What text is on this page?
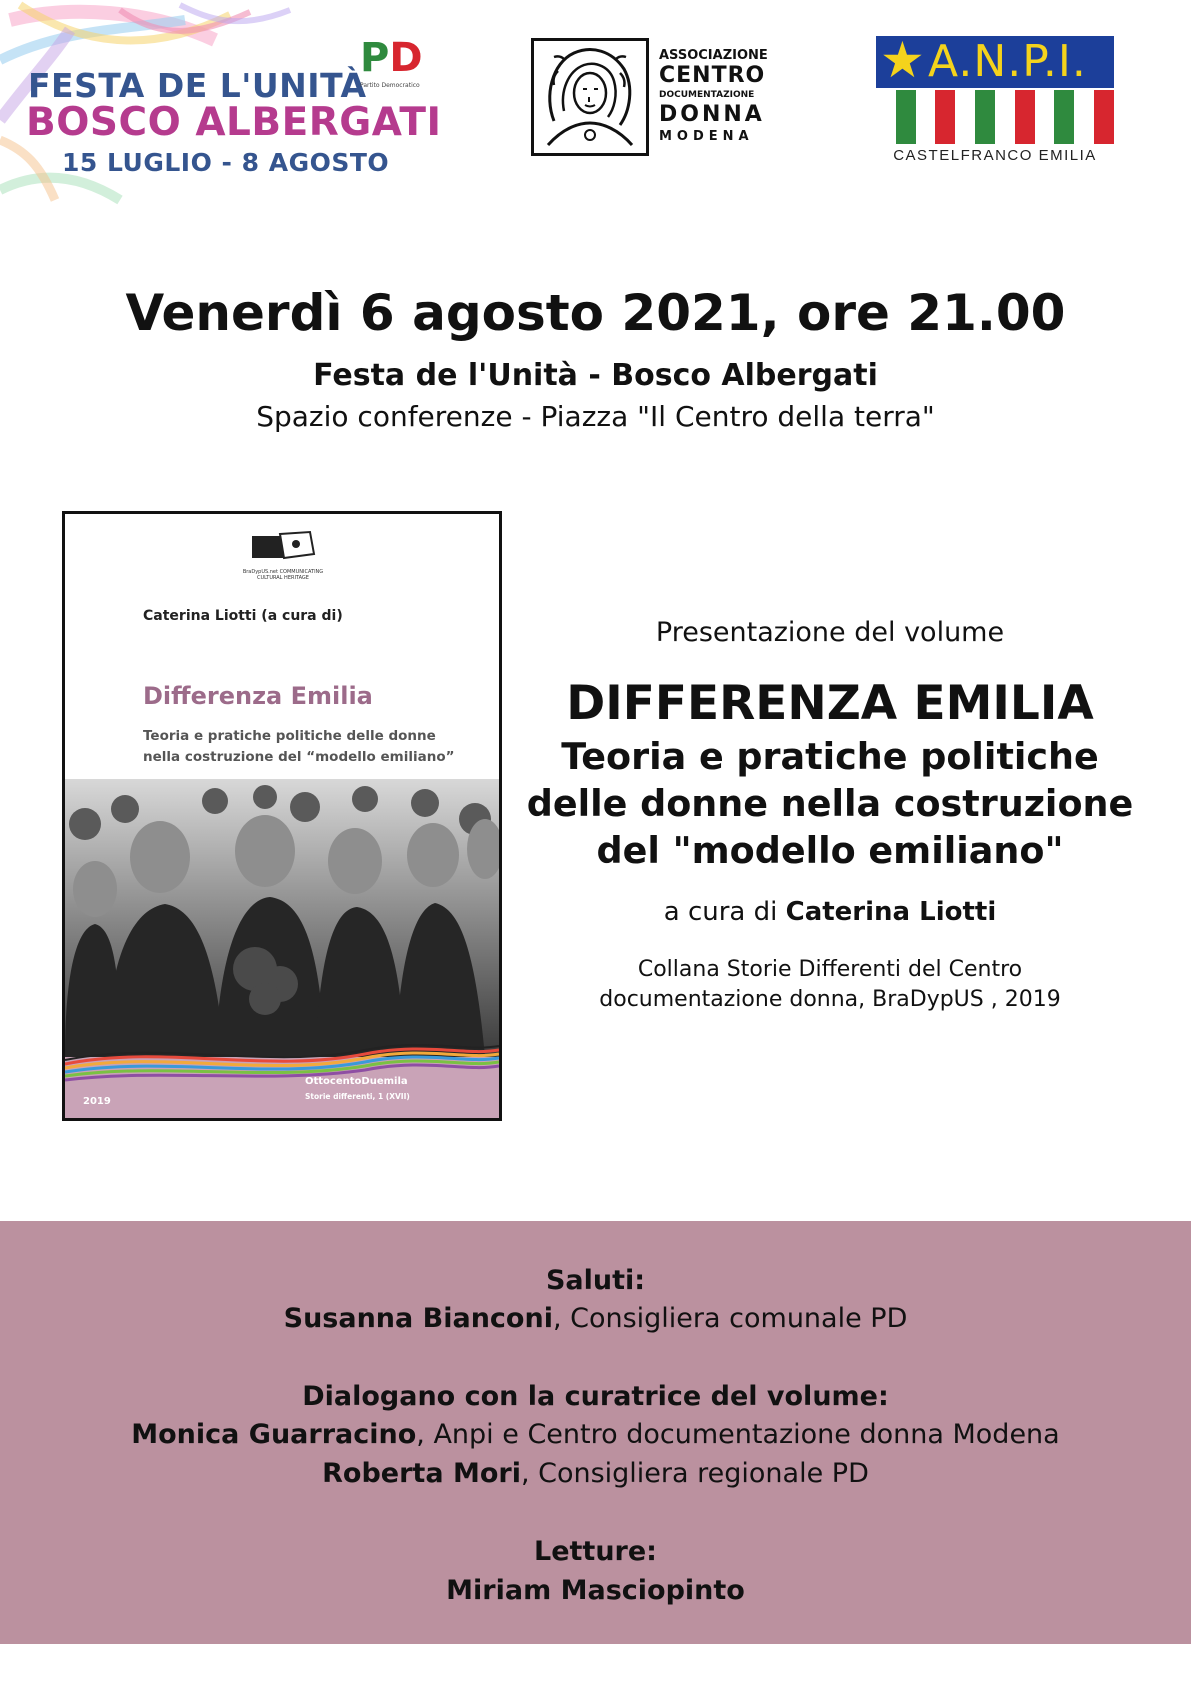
FESTA DE L'UNITÀ
BOSCO ALBERGATI
15 LUGLIO - 8 AGOSTO
PD
Partito Democratico
ASSOCIAZIONE
CENTRO
DOCUMENTAZIONE
DONNA
MODENA
★ A.N.P.I.
CASTELFRANCO EMILIA
Venerdì 6 agosto 2021, ore 21.00
Festa de l'Unità - Bosco Albergati
Spazio conferenze - Piazza "Il Centro della terra"
BraDypUS.net COMMUNICATING CULTURAL HERITAGE
Caterina Liotti (a cura di)
Differenza Emilia
Teoria e pratiche politiche delle donne nella costruzione del “modello emiliano”
OttocentoDuemila
Storie differenti, 1 (XVII)
2019
Presentazione del volume
DIFFERENZA EMILIA
Teoria e pratiche politiche
delle donne nella costruzione
del "modello emiliano"
a cura di Caterina Liotti
Collana Storie Differenti del Centro
documentazione donna, BraDypUS , 2019
Saluti:
Susanna Bianconi, Consigliera comunale PD
Dialogano con la curatrice del volume:
Monica Guarracino, Anpi e Centro documentazione donna Modena
Roberta Mori, Consigliera regionale PD
Letture:
Miriam Masciopinto
